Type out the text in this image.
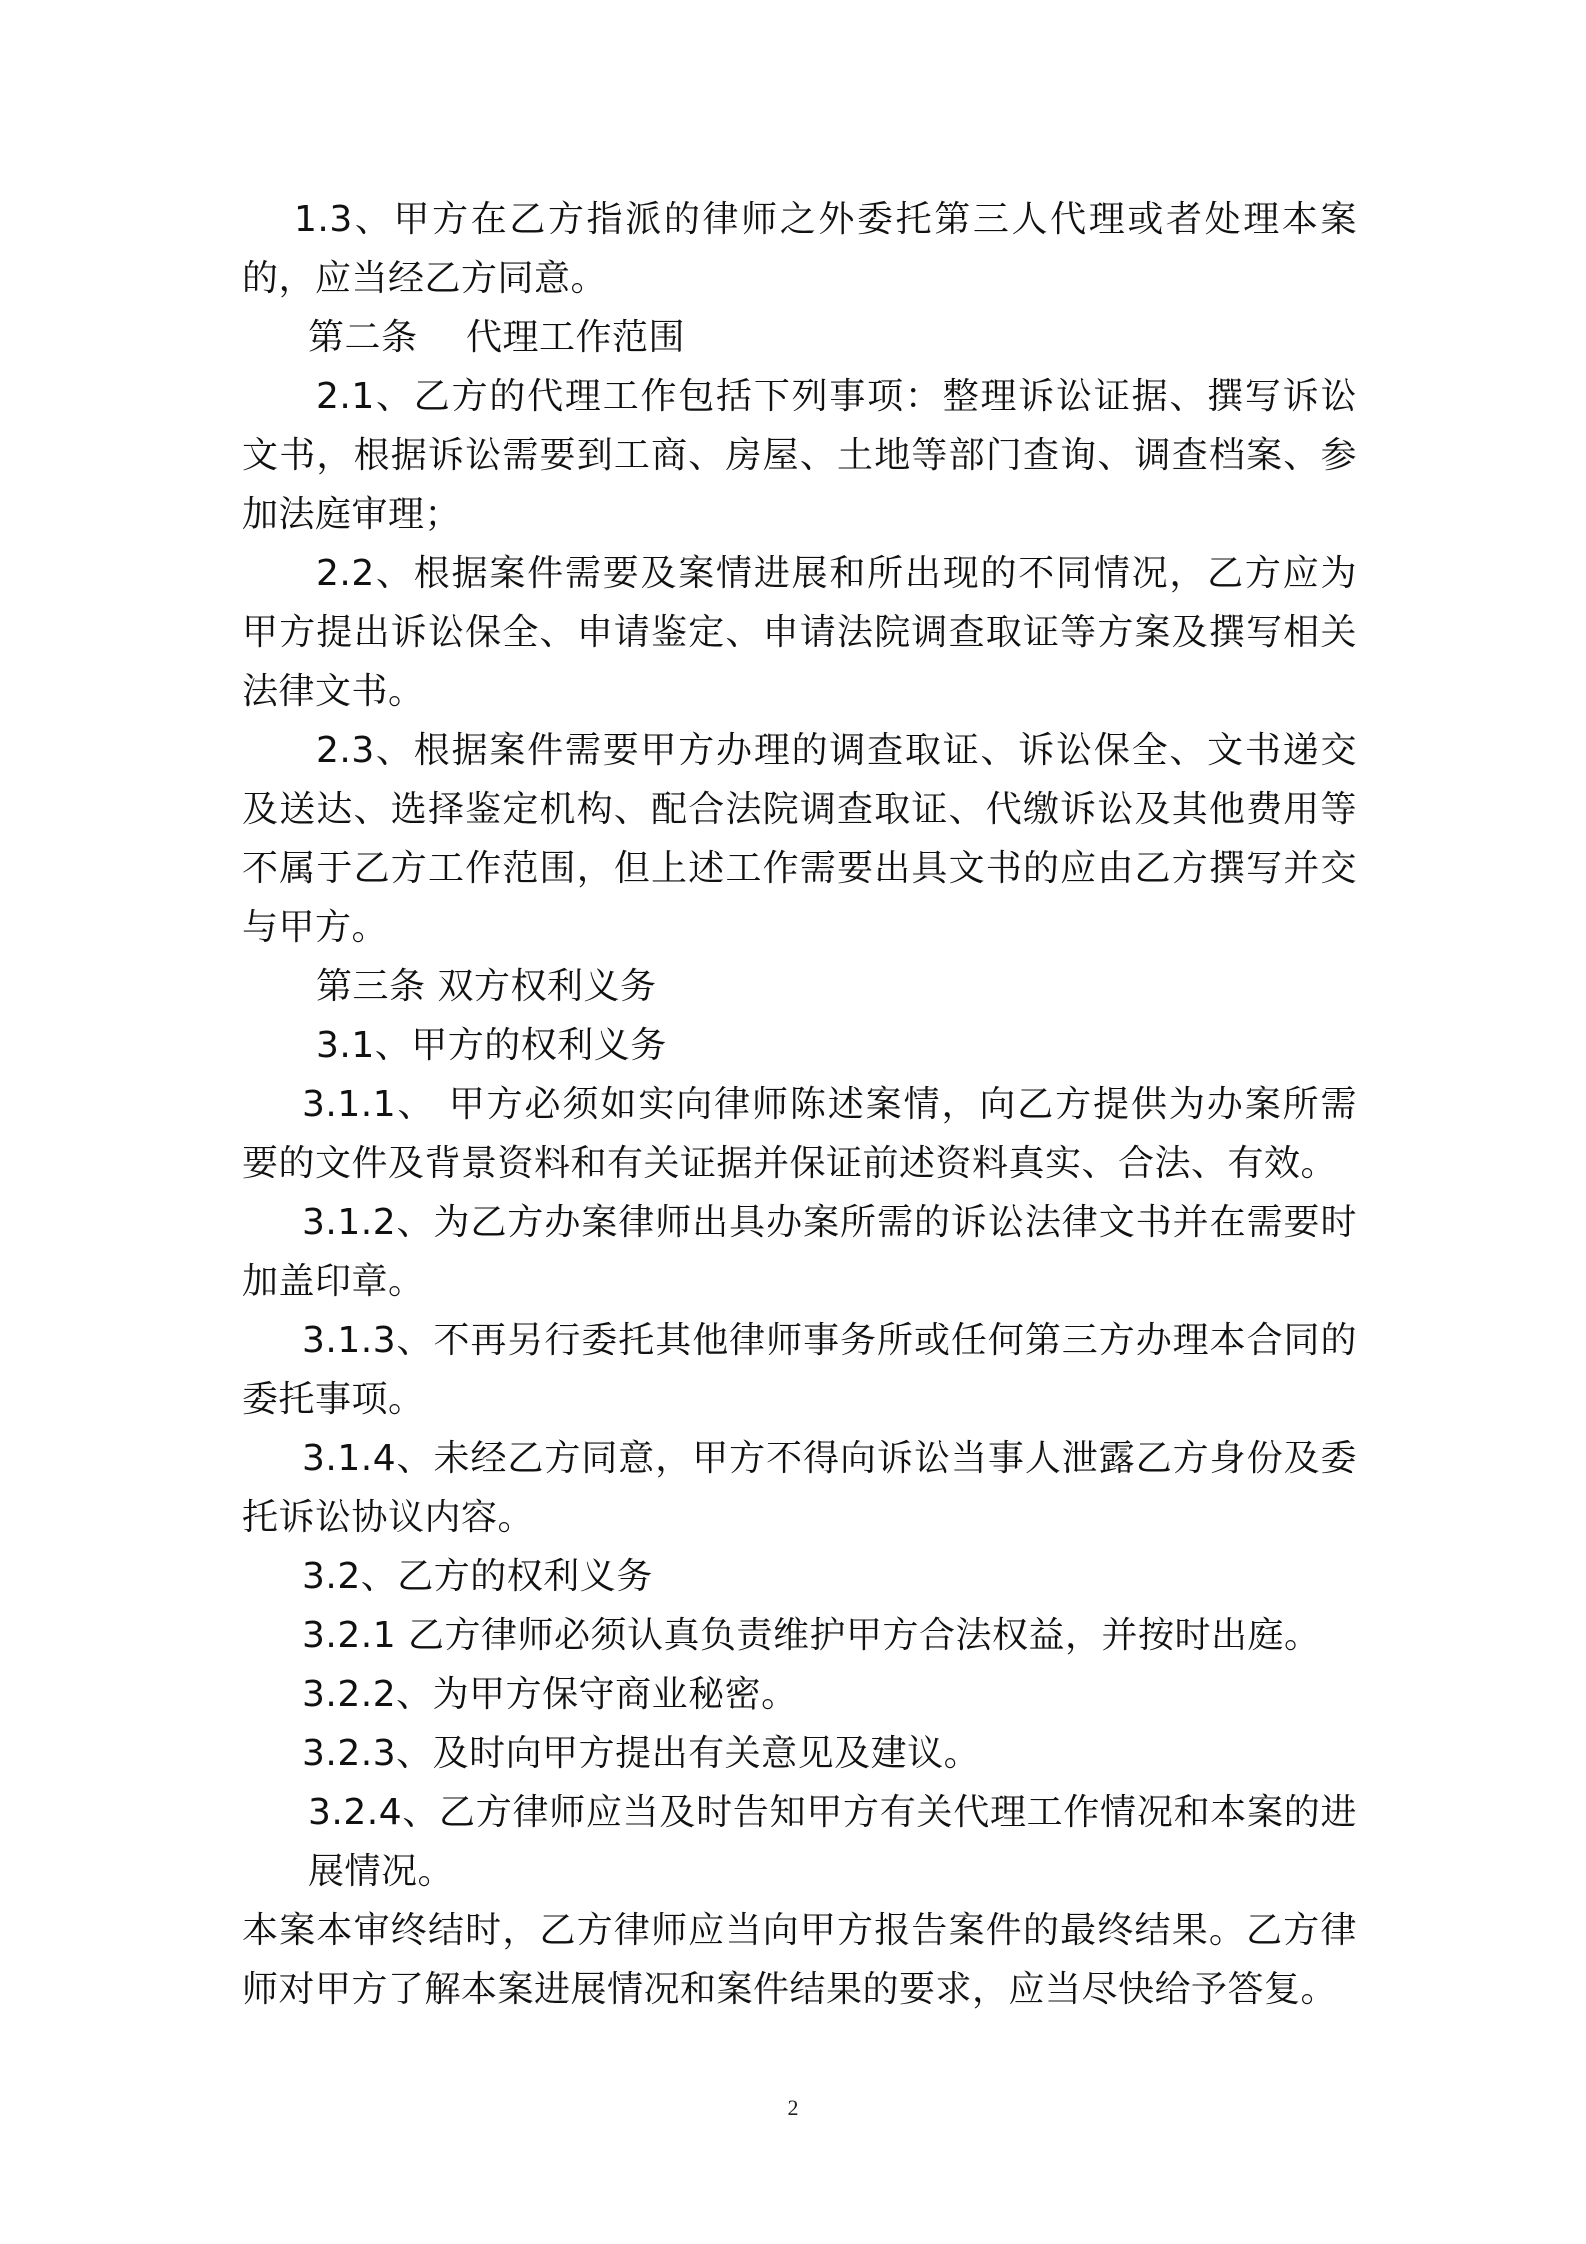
1.3、甲方在乙方指派的律师之外委托第三人代理或者处理本案的，应当经乙方同意。

第二条　 代理工作范围

2.1、乙方的代理工作包括下列事项：整理诉讼证据、撰写诉讼文书，根据诉讼需要到工商、房屋、土地等部门查询、调查档案、参加法庭审理；

2.2、根据案件需要及案情进展和所出现的不同情况，乙方应为甲方提出诉讼保全、申请鉴定、申请法院调查取证等方案及撰写相关法律文书。

2.3、根据案件需要甲方办理的调查取证、诉讼保全、文书递交及送达、选择鉴定机构、配合法院调查取证、代缴诉讼及其他费用等不属于乙方工作范围，但上述工作需要出具文书的应由乙方撰写并交与甲方。

第三条 双方权利义务

3.1、甲方的权利义务

3.1.1、 甲方必须如实向律师陈述案情，向乙方提供为办案所需要的文件及背景资料和有关证据并保证前述资料真实、合法、有效。

3.1.2、为乙方办案律师出具办案所需的诉讼法律文书并在需要时加盖印章。

3.1.3、不再另行委托其他律师事务所或任何第三方办理本合同的委托事项。

3.1.4、未经乙方同意，甲方不得向诉讼当事人泄露乙方身份及委托诉讼协议内容。

3.2、乙方的权利义务

3.2.1 乙方律师必须认真负责维护甲方合法权益，并按时出庭。

3.2.2、为甲方保守商业秘密。

3.2.3、及时向甲方提出有关意见及建议。

3.2.4、乙方律师应当及时告知甲方有关代理工作情况和本案的进展情况。

本案本审终结时，乙方律师应当向甲方报告案件的最终结果。乙方律师对甲方了解本案进展情况和案件结果的要求，应当尽快给予答复。

2
